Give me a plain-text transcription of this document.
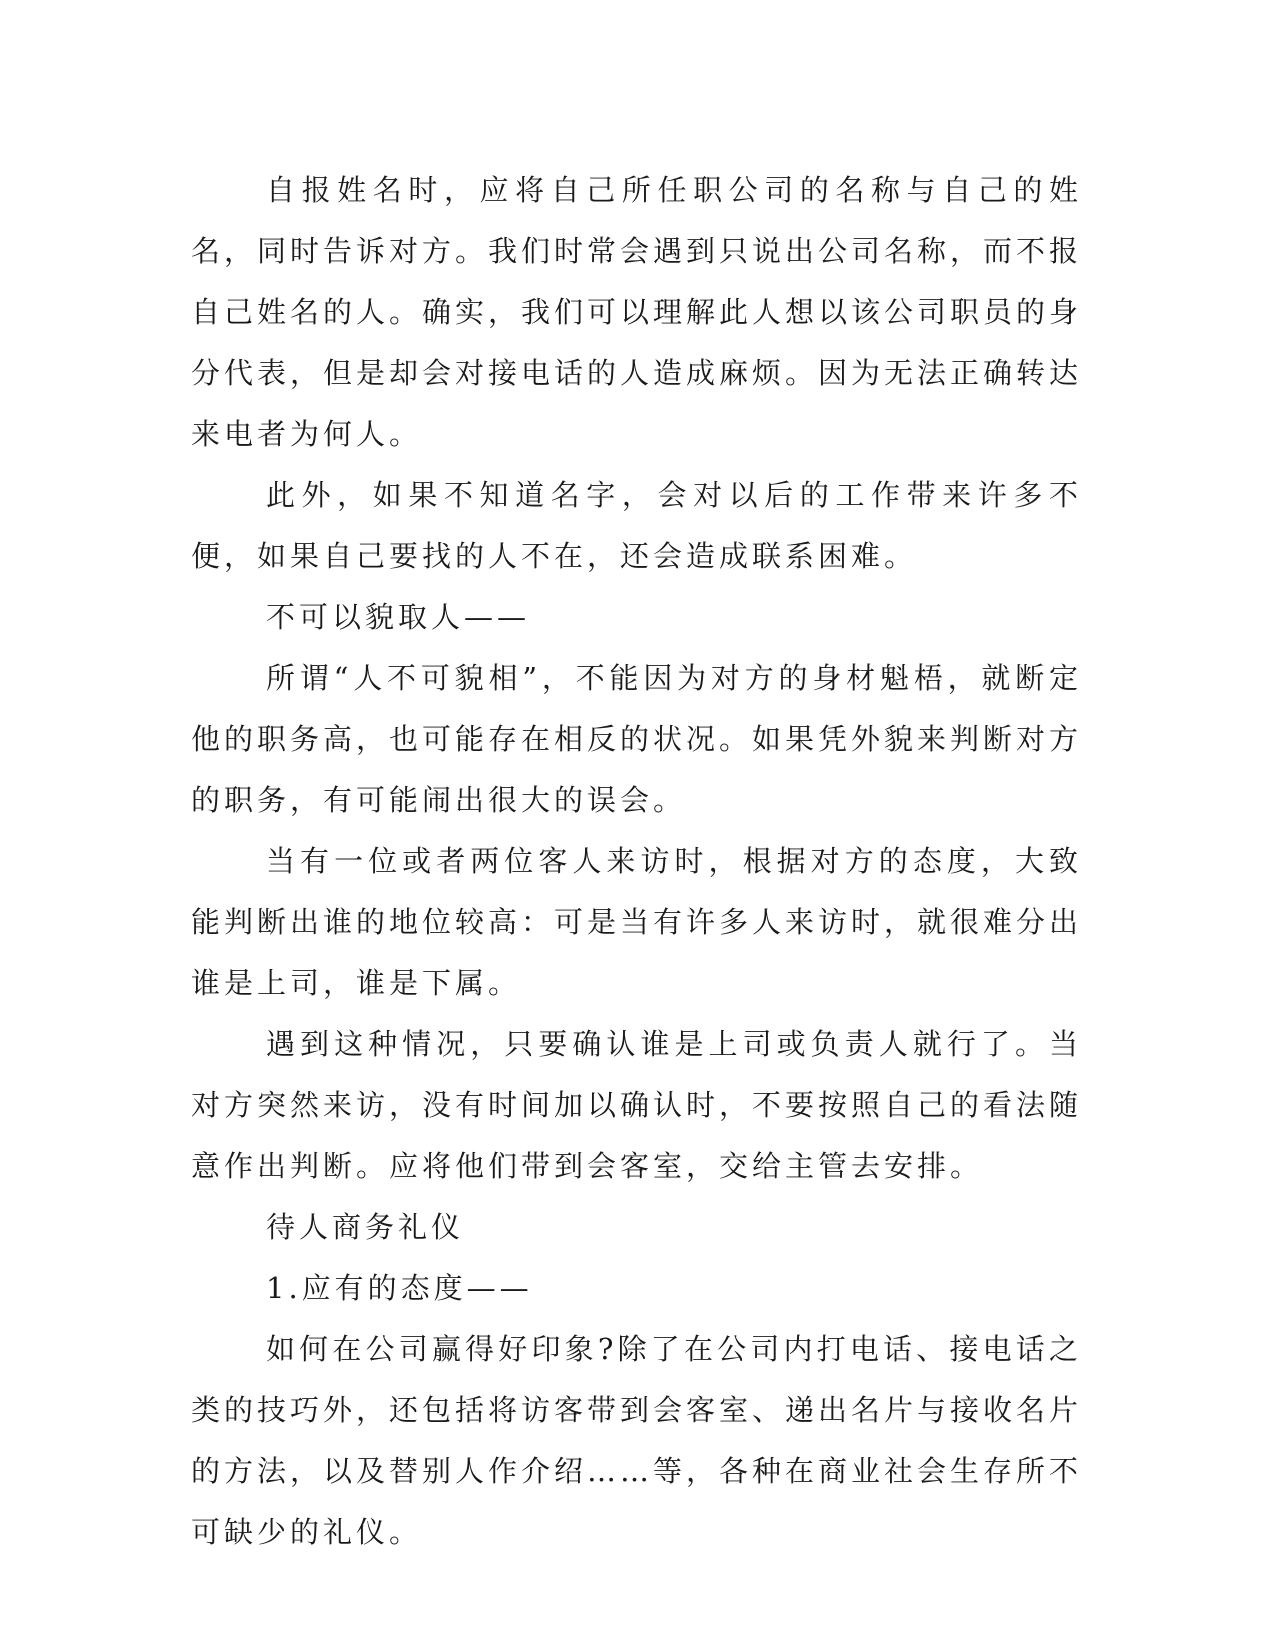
自报姓名时，应将自己所任职公司的名称与自己的姓名，同时告诉对方。我们时常会遇到只说出公司名称，而不报自己姓名的人。确实，我们可以理解此人想以该公司职员的身分代表，但是却会对接电话的人造成麻烦。因为无法正确转达来电者为何人。

此外，如果不知道名字，会对以后的工作带来许多不便，如果自己要找的人不在，还会造成联系困难。

不可以貌取人——

所谓“人不可貌相”，不能因为对方的身材魁梧，就断定他的职务高，也可能存在相反的状况。如果凭外貌来判断对方的职务，有可能闹出很大的误会。

当有一位或者两位客人来访时，根据对方的态度，大致能判断出谁的地位较高：可是当有许多人来访时，就很难分出谁是上司，谁是下属。

遇到这种情况，只要确认谁是上司或负责人就行了。当对方突然来访，没有时间加以确认时，不要按照自己的看法随意作出判断。应将他们带到会客室，交给主管去安排。

待人商务礼仪

1.应有的态度——

如何在公司赢得好印象?除了在公司内打电话、接电话之类的技巧外，还包括将访客带到会客室、递出名片与接收名片的方法，以及替别人作介绍……等，各种在商业社会生存所不可缺少的礼仪。
